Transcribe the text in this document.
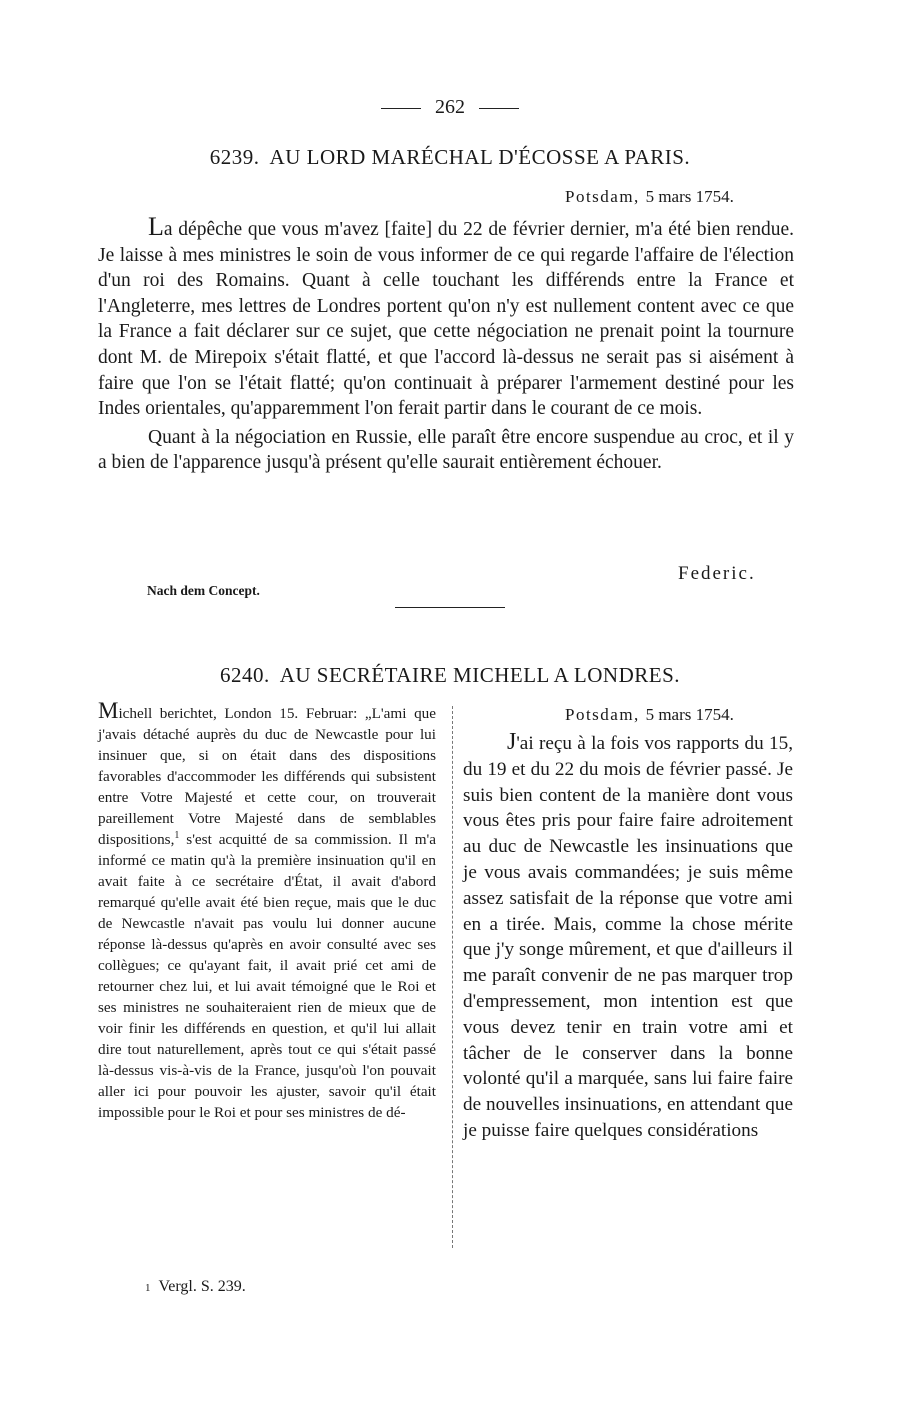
262
6239. AU LORD MARÉCHAL D'ÉCOSSE A PARIS.
Potsdam, 5 mars 1754.

La dépêche que vous m'avez [faite] du 22 de février dernier, m'a été bien rendue. Je laisse à mes ministres le soin de vous informer de ce qui regarde l'affaire de l'élection d'un roi des Romains. Quant à celle touchant les différends entre la France et l'Angleterre, mes lettres de Londres portent qu'on n'y est nullement content avec ce que la France a fait déclarer sur ce sujet, que cette négociation ne prenait point la tournure dont M. de Mirepoix s'était flatté, et que l'accord là-dessus ne serait pas si aisément à faire que l'on se l'était flatté; qu'on continuait à préparer l'armement destiné pour les Indes orientales, qu'apparemment l'on ferait partir dans le courant de ce mois.

Quant à la négociation en Russie, elle paraît être encore suspendue au croc, et il y a bien de l'apparence jusqu'à présent qu'elle saurait entièrement échouer.

Federic.
Nach dem Concept.
6240. AU SECRÉTAIRE MICHELL A LONDRES.

Michell berichtet, London 15. Februar: „L'ami que j'avais détaché auprès du duc de Newcastle pour lui insinuer que, si on était dans des dispositions favorables d'accommoder les différends qui subsistent entre Votre Majesté et cette cour, on trouverait pareillement Votre Majesté dans de semblables dispositions,$^1$ s'est acquitté de sa commission. Il m'a informé ce matin qu'à la première insinuation qu'il en avait faite à ce secrétaire d'État, il avait d'abord remarqué qu'elle avait été bien reçue, mais que le duc de Newcastle n'avait pas voulu lui donner aucune réponse là-dessus qu'après en avoir consulté avec ses collègues; ce qu'ayant fait, il avait prié cet ami de retourner chez lui, et lui avait témoigné que le Roi et ses ministres ne souhaiteraient rien de mieux que de voir finir les différends en question, et qu'il lui allait dire tout naturellement, après tout ce qui s'était passé là-dessus vis-à-vis de la France, jusqu'où l'on pouvait aller ici pour pouvoir les ajuster, savoir qu'il était impossible pour le Roi et pour ses ministres de dé-

Potsdam, 5 mars 1754.

J'ai reçu à la fois vos rapports du 15, du 19 et du 22 du mois de février passé. Je suis bien content de la manière dont vous vous êtes pris pour faire faire adroitement au duc de Newcastle les insinuations que je vous avais commandées; je suis même assez satisfait de la réponse que votre ami en a tirée. Mais, comme la chose mérite que j'y songe mûrement, et que d'ailleurs il me paraît convenir de ne pas marquer trop d'empressement, mon intention est que vous devez tenir en train votre ami et tâcher de le conserver dans la bonne volonté qu'il a marquée, sans lui faire faire de nouvelles insinuations, en attendant que je puisse faire quelques considérations

1 Vergl. S. 239.
